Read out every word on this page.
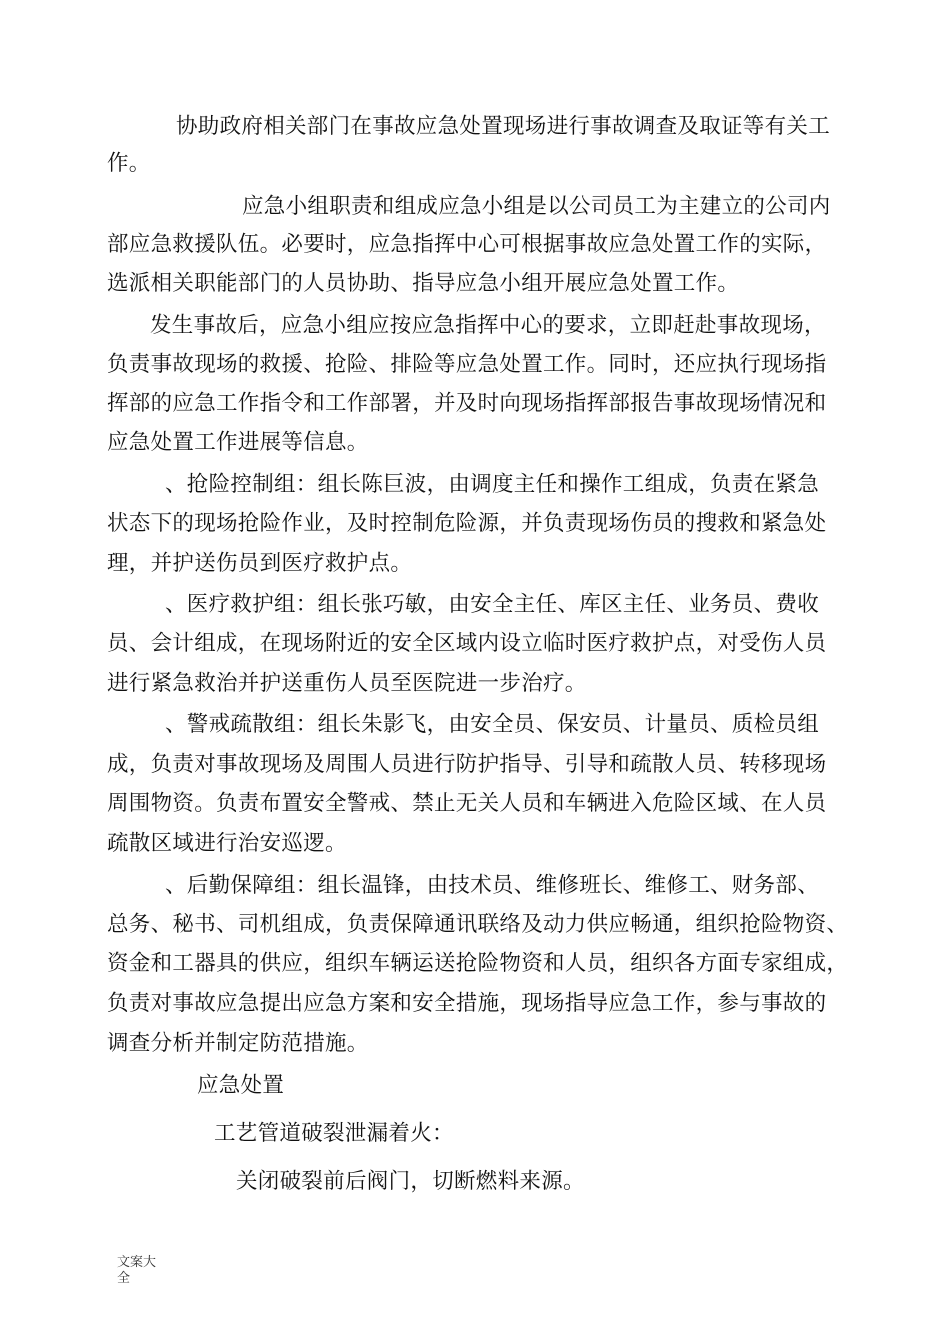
协助政府相关部门在事故应急处置现场进行事故调查及取证等有关工
作。
应急小组职责和组成应急小组是以公司员工为主建立的公司内
部应急救援队伍。必要时，应急指挥中心可根据事故应急处置工作的实际，
选派相关职能部门的人员协助、指导应急小组开展应急处置工作。
发生事故后，应急小组应按应急指挥中心的要求，立即赶赴事故现场，
负责事故现场的救援、抢险、排险等应急处置工作。同时，还应执行现场指
挥部的应急工作指令和工作部署，并及时向现场指挥部报告事故现场情况和
应急处置工作进展等信息。
、抢险控制组：组长陈巨波，由调度主任和操作工组成，负责在紧急
状态下的现场抢险作业，及时控制危险源，并负责现场伤员的搜救和紧急处
理，并护送伤员到医疗救护点。
、医疗救护组：组长张巧敏，由安全主任、库区主任、业务员、费收
员、会计组成，在现场附近的安全区域内设立临时医疗救护点，对受伤人员
进行紧急救治并护送重伤人员至医院进一步治疗。
、警戒疏散组：组长朱影飞，由安全员、保安员、计量员、质检员组
成，负责对事故现场及周围人员进行防护指导、引导和疏散人员、转移现场
周围物资。负责布置安全警戒、禁止无关人员和车辆进入危险区域、在人员
疏散区域进行治安巡逻。
、后勤保障组：组长温锋，由技术员、维修班长、维修工、财务部、
总务、秘书、司机组成，负责保障通讯联络及动力供应畅通，组织抢险物资、
资金和工器具的供应，组织车辆运送抢险物资和人员，组织各方面专家组成，
负责对事故应急提出应急方案和安全措施，现场指导应急工作，参与事故的
调查分析并制定防范措施。
应急处置
工艺管道破裂泄漏着火：
关闭破裂前后阀门，切断燃料来源。
文案大
全
